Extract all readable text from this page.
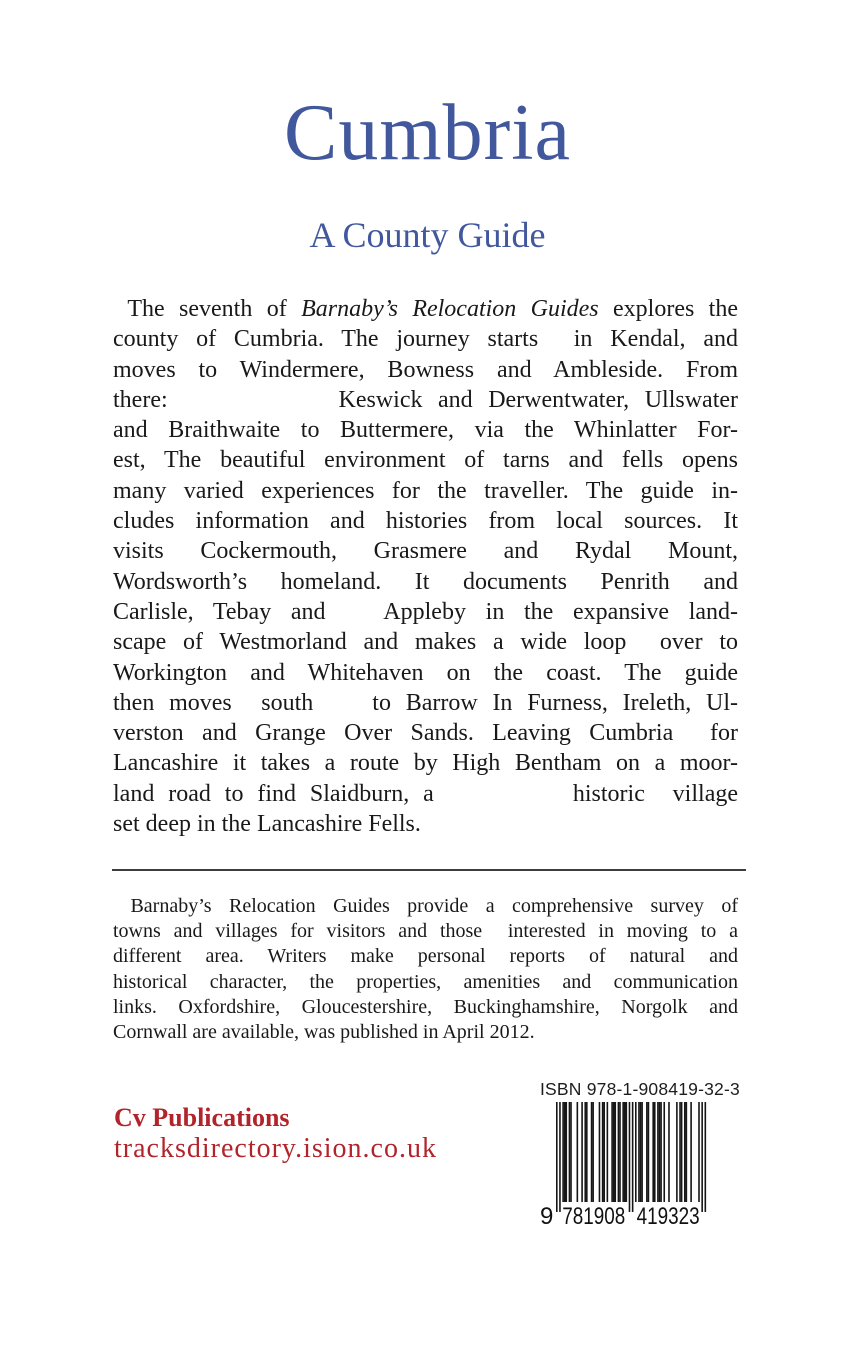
Cumbria
A County Guide
The seventh of Barnaby’s Relocation Guides explores the
county of Cumbria. The journey starts  in Kendal, and
moves to Windermere, Bowness and Ambleside. From
there:           Keswick and Derwentwater, Ullswater
and Braithwaite to Buttermere, via the Whinlatter For-
est, The beautiful environment of tarns and fells opens
many varied experiences for the traveller. The guide in-
cludes information and histories from local sources. It
visits Cockermouth, Grasmere and Rydal Mount,
Wordsworth’s homeland. It documents Penrith and
Carlisle, Tebay and   Appleby in the expansive land-
scape of Westmorland and makes a wide loop  over to
Workington and Whitehaven on the coast. The guide
then moves  south    to Barrow In Furness, Ireleth, Ul-
verston and Grange Over Sands. Leaving Cumbria  for
Lancashire it takes a route by High Bentham on a moor-
land road to find Slaidburn, a          historic  village
set deep in the Lancashire Fells.
Barnaby’s Relocation Guides provide a comprehensive survey of
towns and villages for visitors and those  interested in moving to a
different area. Writers make personal reports of natural and
historical character, the properties, amenities and communication
links. Oxfordshire, Gloucestershire, Buckinghamshire, Norgolk and
Cornwall are available, was published in April 2012.

Cv Publications

tracksdirectory.ision.co.uk

ISBN 978-1-908419-32-3
9 781908 419323
